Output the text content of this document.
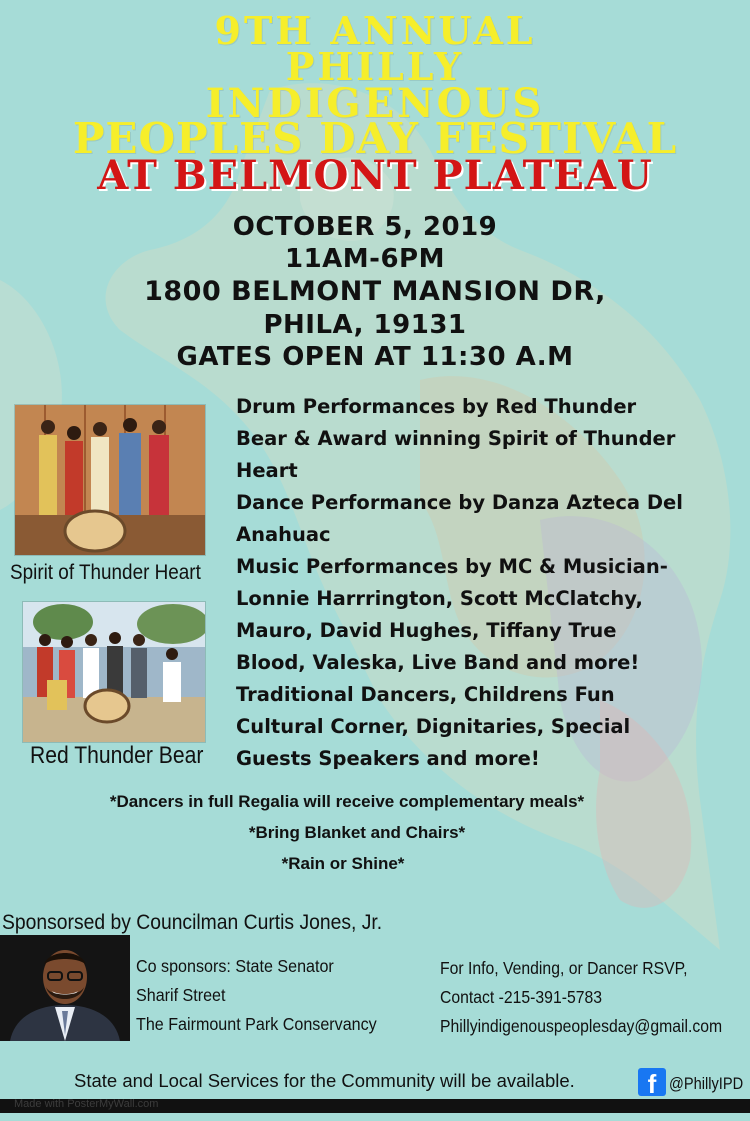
9TH ANNUAL
PHILLY
INDIGENOUS
PEOPLES DAY FESTIVAL
AT BELMONT PLATEAU
OCTOBER 5, 2019
11AM-6PM
1800 BELMONT MANSION DR,
PHILA, 19131
GATES OPEN AT 11:30 A.M
Spirit of Thunder Heart
Red Thunder Bear
Drum Performances by Red Thunder
Bear & Award winning Spirit of Thunder
Heart
Dance Performance by Danza Azteca Del
Anahuac
Music Performances by MC & Musician-
Lonnie Harrrington, Scott McClatchy,
Mauro, David Hughes, Tiffany True
Blood, Valeska, Live Band and more!
Traditional Dancers, Childrens Fun
Cultural Corner, Dignitaries, Special
Guests Speakers and more!
*Dancers in full Regalia will receive complementary meals*
*Bring Blanket and Chairs*
*Rain or Shine*
Sponsorsed by Councilman Curtis Jones, Jr.
Co sponsors: State Senator
Sharif Street
The Fairmount Park Conservancy
For Info, Vending, or Dancer RSVP,
Contact -215-391-5783
Phillyindigenouspeoplesday@gmail.com
State and Local Services for the Community will be available.	f @PhillyIPD
Made with PosterMyWall.com
